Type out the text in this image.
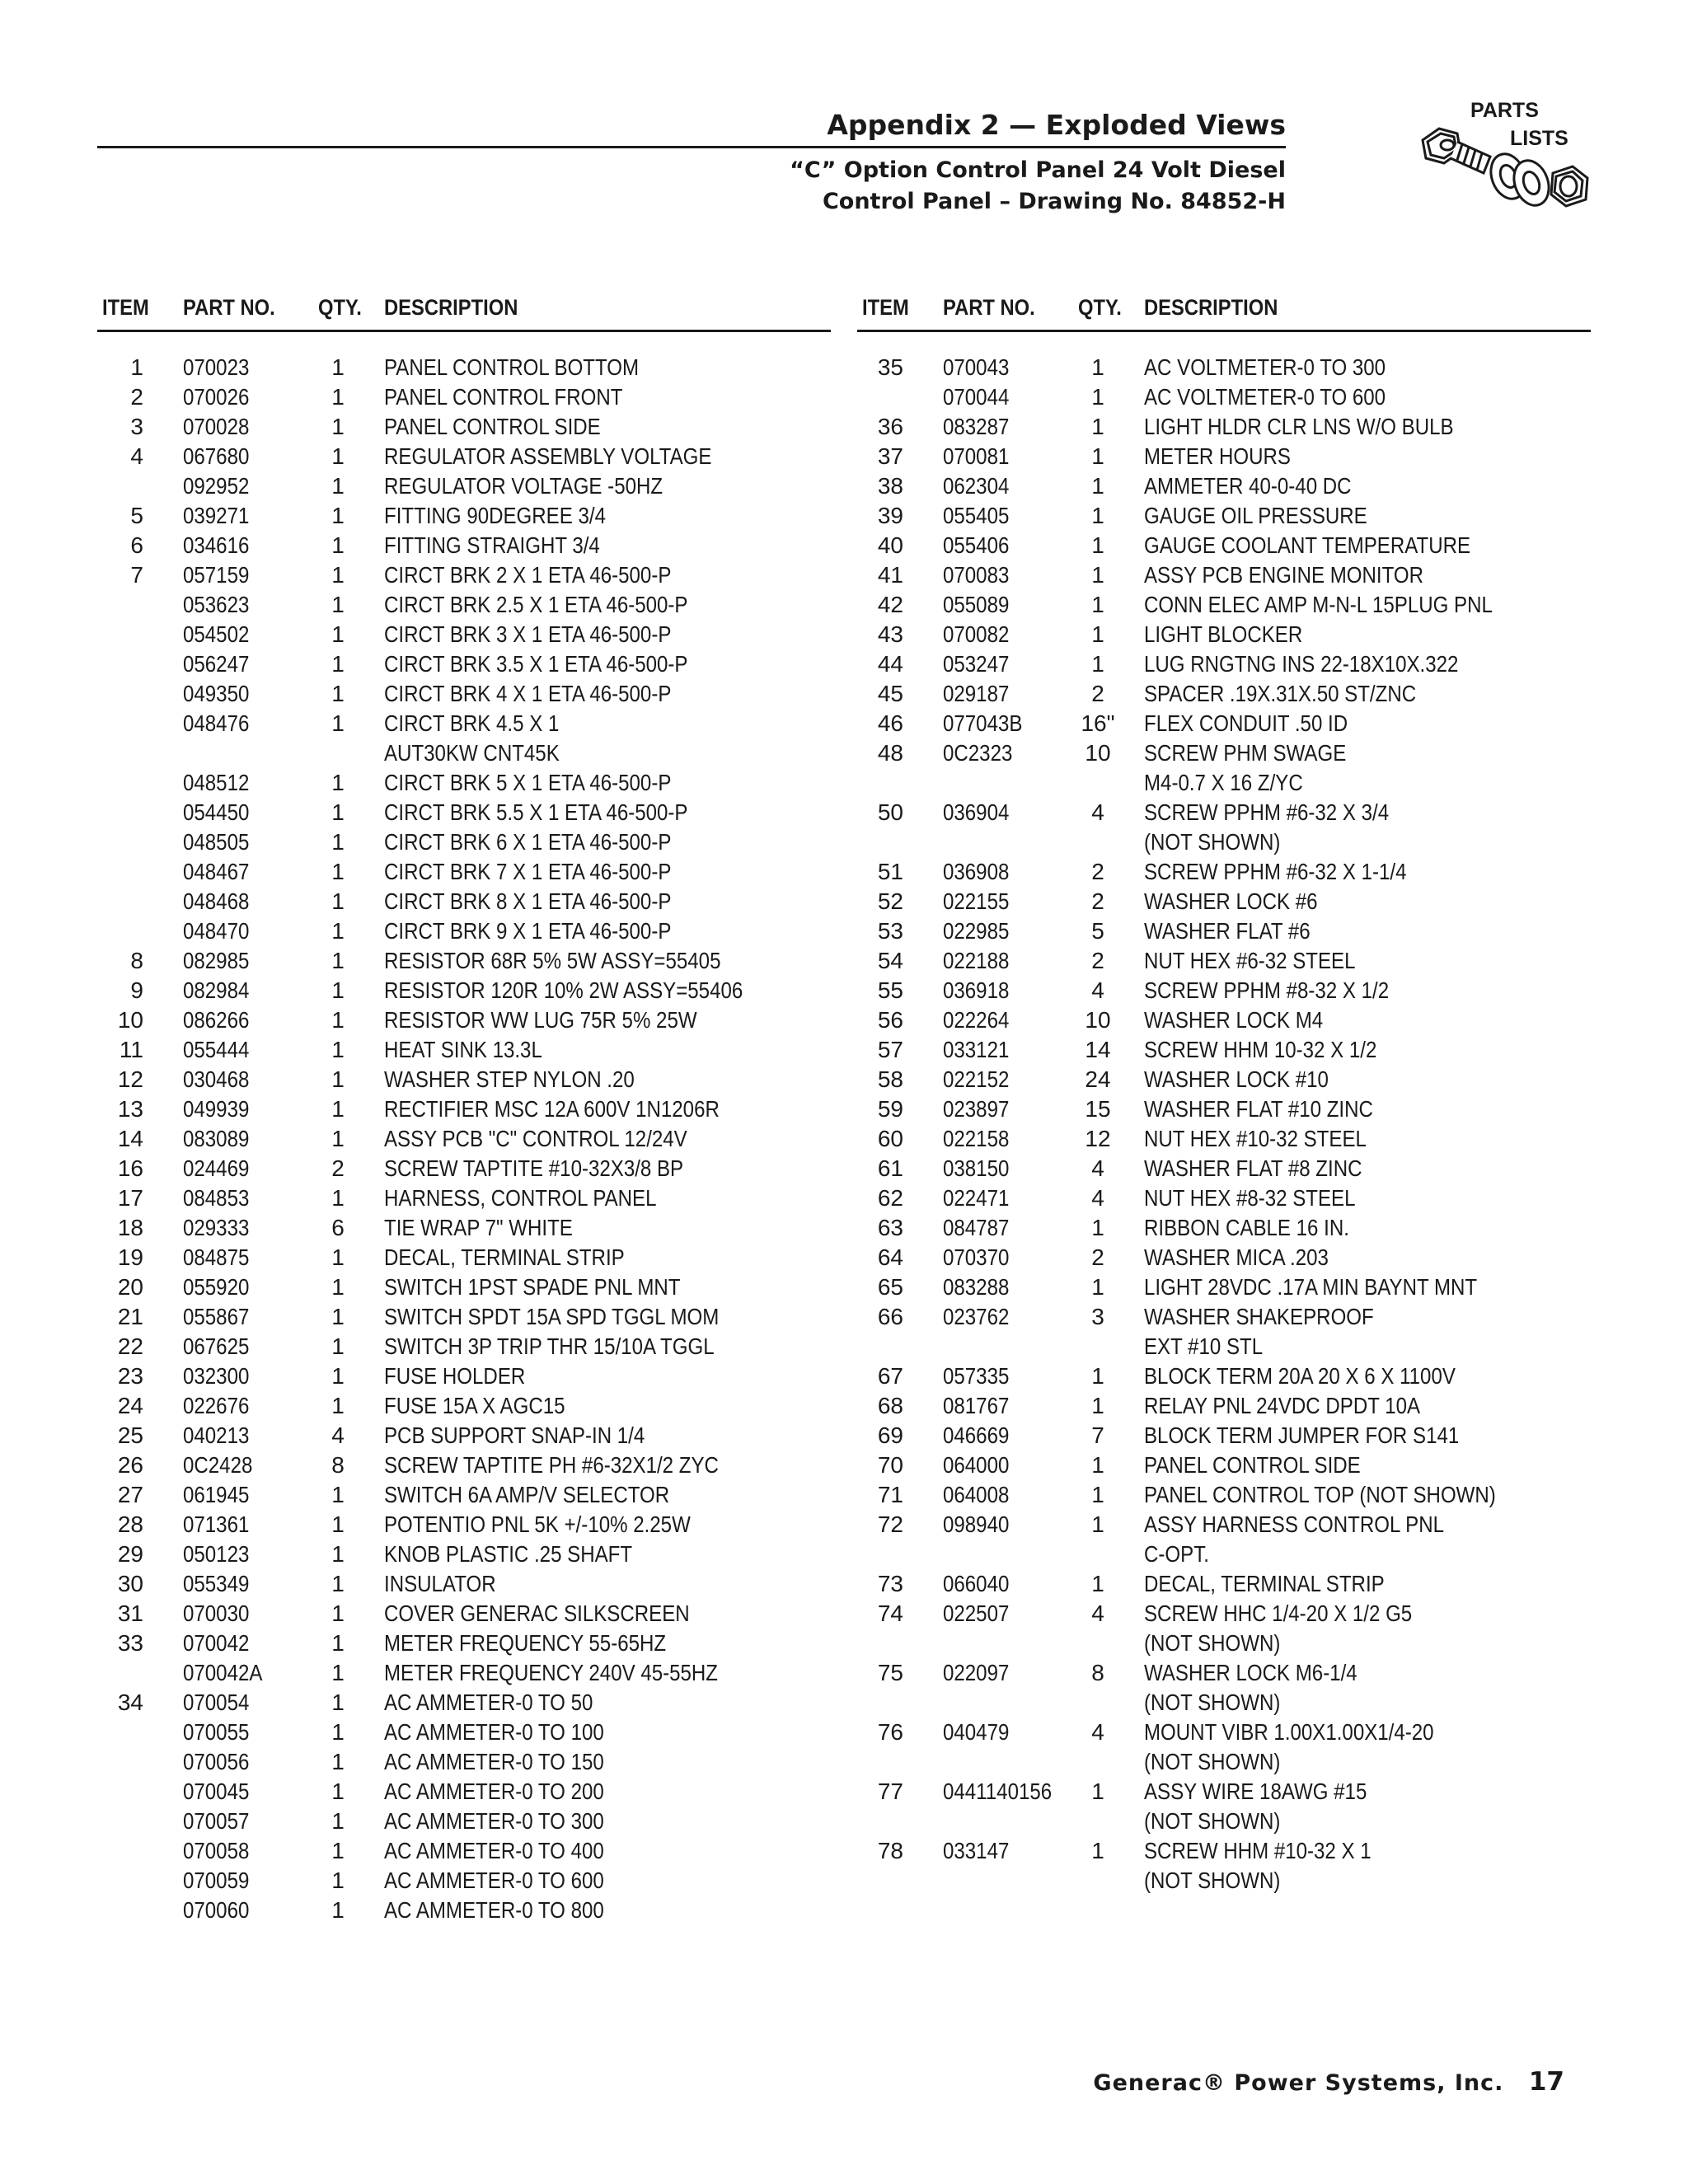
Appendix 2 — Exploded Views
“C” Option Control Panel 24 Volt Diesel
Control Panel – Drawing No. 84852-H
PARTS
LISTS
ITEM PART NO. QTY. DESCRIPTION
1 070023	1	PANEL CONTROL BOTTOM
2 070026	1	PANEL CONTROL FRONT
3 070028	1	PANEL CONTROL SIDE
4 067680	1	REGULATOR ASSEMBLY VOLTAGE
092952	1	REGULATOR VOLTAGE -50HZ
5 039271	1	FITTING 90DEGREE 3/4
6 034616	1	FITTING STRAIGHT 3/4
7 057159	1	CIRCT BRK 2 X 1 ETA 46-500-P
053623	1	CIRCT BRK 2.5 X 1 ETA 46-500-P
054502	1	CIRCT BRK 3 X 1 ETA 46-500-P
056247	1	CIRCT BRK 3.5 X 1 ETA 46-500-P
049350	1	CIRCT BRK 4 X 1 ETA 46-500-P
048476	1	CIRCT BRK 4.5 X 1
AUT30KW CNT45K
048512	1	CIRCT BRK 5 X 1 ETA 46-500-P
054450	1	CIRCT BRK 5.5 X 1 ETA 46-500-P
048505	1	CIRCT BRK 6 X 1 ETA 46-500-P
048467	1	CIRCT BRK 7 X 1 ETA 46-500-P
048468	1	CIRCT BRK 8 X 1 ETA 46-500-P
048470	1	CIRCT BRK 9 X 1 ETA 46-500-P
8 082985	1	RESISTOR 68R 5% 5W ASSY=55405
9 082984	1	RESISTOR 120R 10% 2W ASSY=55406
10 086266	1	RESISTOR WW LUG 75R 5% 25W
11 055444	1	HEAT SINK 13.3L
12 030468	1	WASHER STEP NYLON .20
13 049939	1	RECTIFIER MSC 12A 600V 1N1206R
14 083089	1	ASSY PCB "C" CONTROL 12/24V
16 024469	2	SCREW TAPTITE #10-32X3/8 BP
17 084853	1	HARNESS, CONTROL PANEL
18 029333	6	TIE WRAP 7" WHITE
19 084875	1	DECAL, TERMINAL STRIP
20 055920	1	SWITCH 1PST SPADE PNL MNT
21 055867	1	SWITCH SPDT 15A SPD TGGL MOM
22 067625	1	SWITCH 3P TRIP THR 15/10A TGGL
23 032300	1	FUSE HOLDER
24 022676	1	FUSE 15A X AGC15
25 040213	4	PCB SUPPORT SNAP-IN 1/4
26 0C2428	8	SCREW TAPTITE PH #6-32X1/2 ZYC
27 061945	1	SWITCH 6A AMP/V SELECTOR
28 071361	1	POTENTIO PNL 5K +/-10% 2.25W
29 050123	1	KNOB PLASTIC .25 SHAFT
30 055349	1	INSULATOR
31 070030	1	COVER GENERAC SILKSCREEN
33 070042	1	METER FREQUENCY 55-65HZ
070042A	1	METER FREQUENCY 240V 45-55HZ
34 070054	1	AC AMMETER-0 TO 50
070055	1	AC AMMETER-0 TO 100
070056	1	AC AMMETER-0 TO 150
070045	1	AC AMMETER-0 TO 200
070057	1	AC AMMETER-0 TO 300
070058	1	AC AMMETER-0 TO 400
070059	1	AC AMMETER-0 TO 600
070060	1	AC AMMETER-0 TO 800
ITEM PART NO. QTY. DESCRIPTION
35 070043	1	AC VOLTMETER-0 TO 300
070044	1	AC VOLTMETER-0 TO 600
36 083287	1	LIGHT HLDR CLR LNS W/O BULB
37 070081	1	METER HOURS
38 062304	1	AMMETER 40-0-40 DC
39 055405	1	GAUGE OIL PRESSURE
40 055406	1	GAUGE COOLANT TEMPERATURE
41 070083	1	ASSY PCB ENGINE MONITOR
42 055089	1	CONN ELEC AMP M-N-L 15PLUG PNL
43 070082	1	LIGHT BLOCKER
44 053247	1	LUG RNGTNG INS 22-18X10X.322
45 029187	2	SPACER .19X.31X.50 ST/ZNC
46 077043B	16"	FLEX CONDUIT .50 ID
48 0C2323	10	SCREW PHM SWAGE
M4-0.7 X 16 Z/YC
50 036904	4	SCREW PPHM #6-32 X 3/4
(NOT SHOWN)
51 036908	2	SCREW PPHM #6-32 X 1-1/4
52 022155	2	WASHER LOCK #6
53 022985	5	WASHER FLAT #6
54 022188	2	NUT HEX #6-32 STEEL
55 036918	4	SCREW PPHM #8-32 X 1/2
56 022264	10	WASHER LOCK M4
57 033121	14	SCREW HHM 10-32 X 1/2
58 022152	24	WASHER LOCK #10
59 023897	15	WASHER FLAT #10 ZINC
60 022158	12	NUT HEX #10-32 STEEL
61 038150	4	WASHER FLAT #8 ZINC
62 022471	4	NUT HEX #8-32 STEEL
63 084787	1	RIBBON CABLE 16 IN.
64 070370	2	WASHER MICA .203
65 083288	1	LIGHT 28VDC .17A MIN BAYNT MNT
66 023762	3	WASHER SHAKEPROOF
EXT #10 STL
67 057335	1	BLOCK TERM 20A 20 X 6 X 1100V
68 081767	1	RELAY PNL 24VDC DPDT 10A
69 046669	7	BLOCK TERM JUMPER FOR S141
70 064000	1	PANEL CONTROL SIDE
71 064008	1	PANEL CONTROL TOP (NOT SHOWN)
72 098940	1	ASSY HARNESS CONTROL PNL
C-OPT.
73 066040	1	DECAL, TERMINAL STRIP
74 022507	4	SCREW HHC 1/4-20 X 1/2 G5
(NOT SHOWN)
75 022097	8	WASHER LOCK M6-1/4
(NOT SHOWN)
76 040479	4	MOUNT VIBR 1.00X1.00X1/4-20
(NOT SHOWN)
77 0441140156	1	ASSY WIRE 18AWG #15
(NOT SHOWN)
78 033147	1	SCREW HHM #10-32 X 1
(NOT SHOWN)
Generac® Power Systems, Inc. 17
